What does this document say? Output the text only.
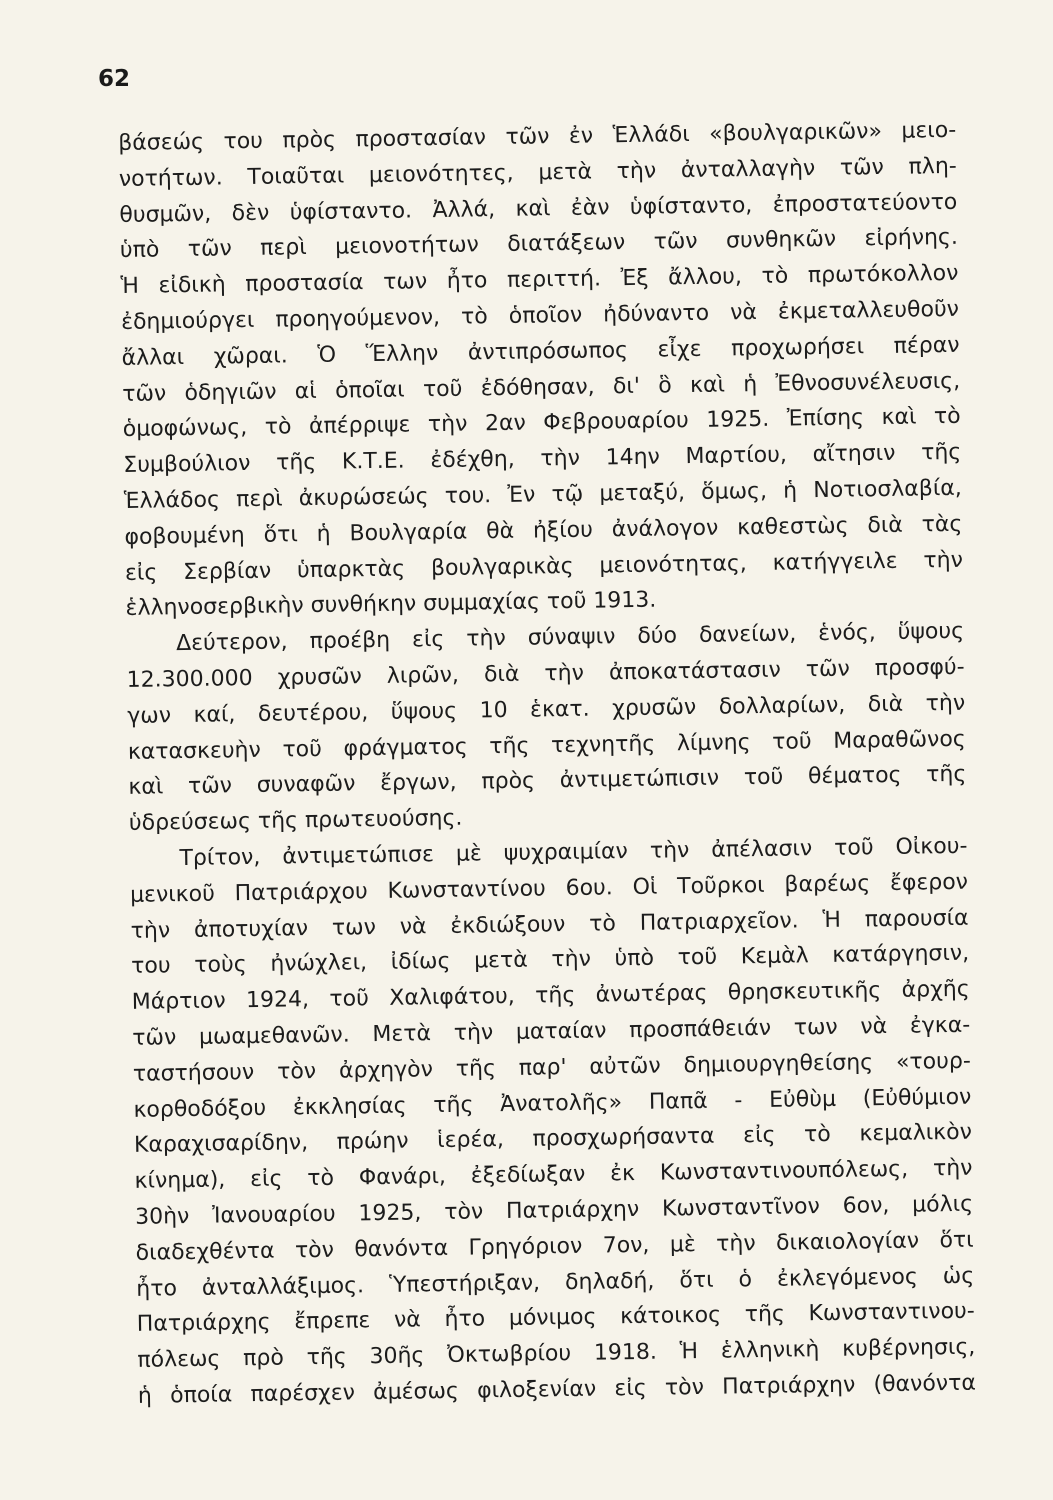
62
βάσεώς του πρὸς προστασίαν τῶν ἐν Ἑλλάδι «βουλγαρικῶν» μειο-
νοτήτων. Τοιαῦται μειονότητες, μετὰ τὴν ἀνταλλαγὴν τῶν πλη-
θυσμῶν, δὲν ὑφίσταντο. Ἀλλά, καὶ ἐὰν ὑφίσταντο, ἐπροστατεύοντο
ὑπὸ τῶν περὶ μειονοτήτων διατάξεων τῶν συνθηκῶν εἰρήνης.
Ἡ εἰδικὴ προστασία των ἦτο περιττή. Ἐξ ἄλλου, τὸ πρωτόκολλον
ἐδημιούργει προηγούμενον, τὸ ὁποῖον ἠδύναντο νὰ ἐκμεταλλευθοῦν
ἄλλαι χῶραι. Ὁ Ἕλλην ἀντιπρόσωπος εἶχε προχωρήσει πέραν
τῶν ὁδηγιῶν αἱ ὁποῖαι τοῦ ἐδόθησαν, δι' ὃ καὶ ἡ Ἐθνοσυνέλευσις,
ὁμοφώνως, τὸ ἀπέρριψε τὴν 2αν Φεβρουαρίου 1925. Ἐπίσης καὶ τὸ
Συμβούλιον τῆς Κ.Τ.Ε. ἐδέχθη, τὴν 14ην Μαρτίου, αἴτησιν τῆς
Ἑλλάδος περὶ ἀκυρώσεώς του. Ἐν τῷ μεταξύ, ὅμως, ἡ Νοτιοσλαβία,
φοβουμένη ὅτι ἡ Βουλγαρία θὰ ἠξίου ἀνάλογον καθεστὼς διὰ τὰς
εἰς Σερβίαν ὑπαρκτὰς βουλγαρικὰς μειονότητας, κατήγγειλε τὴν
ἑλληνοσερβικὴν συνθήκην συμμαχίας τοῦ 1913.
Δεύτερον, προέβη εἰς τὴν σύναψιν δύο δανείων, ἑνός, ὕψους
12.300.000 χρυσῶν λιρῶν, διὰ τὴν ἀποκατάστασιν τῶν προσφύ-
γων καί, δευτέρου, ὕψους 10 ἑκατ. χρυσῶν δολλαρίων, διὰ τὴν
κατασκευὴν τοῦ φράγματος τῆς τεχνητῆς λίμνης τοῦ Μαραθῶνος
καὶ τῶν συναφῶν ἔργων, πρὸς ἀντιμετώπισιν τοῦ θέματος τῆς
ὑδρεύσεως τῆς πρωτευούσης.
Τρίτον, ἀντιμετώπισε μὲ ψυχραιμίαν τὴν ἀπέλασιν τοῦ Οἰκου-
μενικοῦ Πατριάρχου Κωνσταντίνου 6ου. Οἱ Τοῦρκοι βαρέως ἔφερον
τὴν ἀποτυχίαν των νὰ ἐκδιώξουν τὸ Πατριαρχεῖον. Ἡ παρουσία
του τοὺς ἠνώχλει, ἰδίως μετὰ τὴν ὑπὸ τοῦ Κεμὰλ κατάργησιν,
Μάρτιον 1924, τοῦ Χαλιφάτου, τῆς ἀνωτέρας θρησκευτικῆς ἀρχῆς
τῶν μωαμεθανῶν. Μετὰ τὴν ματαίαν προσπάθειάν των νὰ ἐγκα-
ταστήσουν τὸν ἀρχηγὸν τῆς παρ' αὐτῶν δημιουργηθείσης «τουρ-
κορθοδόξου ἐκκλησίας τῆς Ἀνατολῆς» Παπᾶ - Εὐθὺμ (Εὐθύμιον
Καραχισαρίδην, πρώην ἱερέα, προσχωρήσαντα εἰς τὸ κεμαλικὸν
κίνημα), εἰς τὸ Φανάρι, ἐξεδίωξαν ἐκ Κωνσταντινουπόλεως, τὴν
30ὴν Ἰανουαρίου 1925, τὸν Πατριάρχην Κωνσταντῖνον 6ον, μόλις
διαδεχθέντα τὸν θανόντα Γρηγόριον 7ον, μὲ τὴν δικαιολογίαν ὅτι
ἦτο ἀνταλλάξιμος. Ὑπεστήριξαν, δηλαδή, ὅτι ὁ ἐκλεγόμενος ὡς
Πατριάρχης ἔπρεπε νὰ ἦτο μόνιμος κάτοικος τῆς Κωνσταντινου-
πόλεως πρὸ τῆς 30ῆς Ὀκτωβρίου 1918. Ἡ ἑλληνικὴ κυβέρνησις,
ἡ ὁποία παρέσχεν ἀμέσως φιλοξενίαν εἰς τὸν Πατριάρχην (θανόντα
